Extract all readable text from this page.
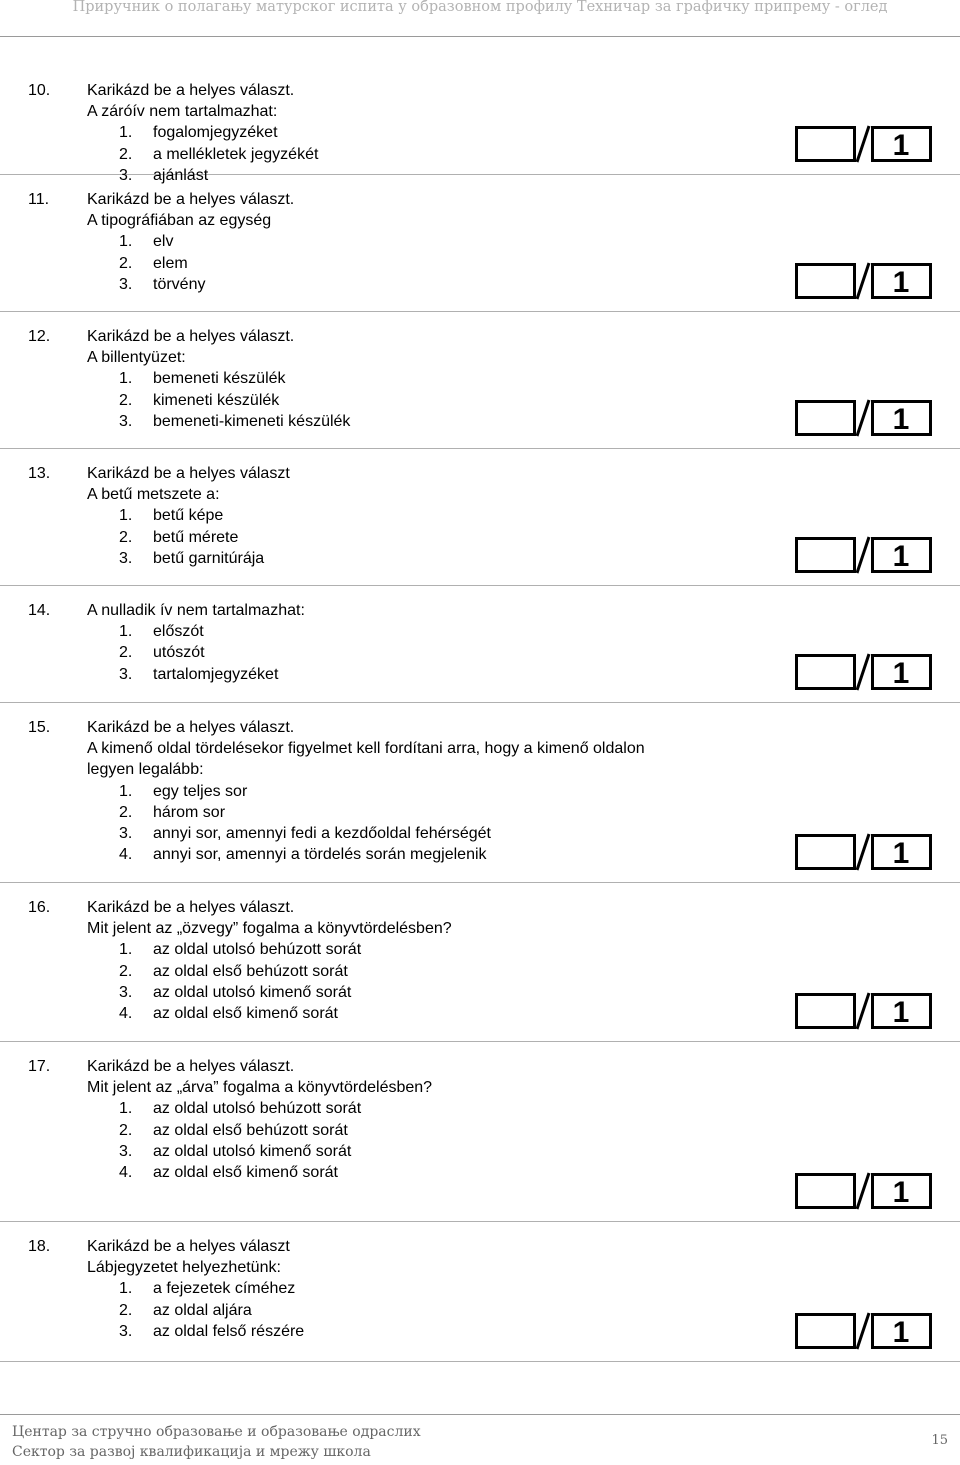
Приручник о полагању матурског испита у образовном профилу Техничар за графичку припрему - оглед
10. Karikázd be a helyes választ.
A záróív nem tartalmazhat:
1. fogalomjegyzéket
2. a mellékletek jegyzékét
3. ajánlást
1
11. Karikázd be a helyes választ.
A tipográfiában az egység
1. elv
2. elem
3. törvény	1
12. Karikázd be a helyes választ.
A billentyüzet:
1. bemeneti készülék
2. kimeneti készülék
3. bemeneti-kimeneti készülék	1
13. Karikázd be a helyes választ
A betű metszete a:
1. betű képe
2. betű mérete
3. betű garnitúrája	1
14. A nulladik ív nem tartalmazhat:
1. előszót
2. utószót
3. tartalomjegyzéket	1
15. Karikázd be a helyes választ.
A kimenő oldal tördelésekor figyelmet kell fordítani arra, hogy a kimenő oldalon
legyen legalább:
1. egy teljes sor
2. három sor
3. annyi sor, amennyi fedi a kezdőoldal fehérségét
4. annyi sor, amennyi a tördelés során megjelenik	1
16. Karikázd be a helyes választ.
Mit jelent az „özvegy” fogalma a könyvtördelésben?
1. az oldal utolsó behúzott sorát
2. az oldal első behúzott sorát
3. az oldal utolsó kimenő sorát
4. az oldal első kimenő sorát	1
17. Karikázd be a helyes választ.
Mit jelent az „árva” fogalma a könyvtördelésben?
1. az oldal utolsó behúzott sorát
2. az oldal első behúzott sorát
3. az oldal utolsó kimenő sorát
4. az oldal első kimenő sorát
1
18. Karikázd be a helyes választ
Lábjegyzetet helyezhetünk:
1. a fejezetek címéhez
2. az oldal aljára
3. az oldal felső részére	1
Центар за стручно образовање и образовање одраслих
Сектор за развој квалификација и мрежу школа
15
